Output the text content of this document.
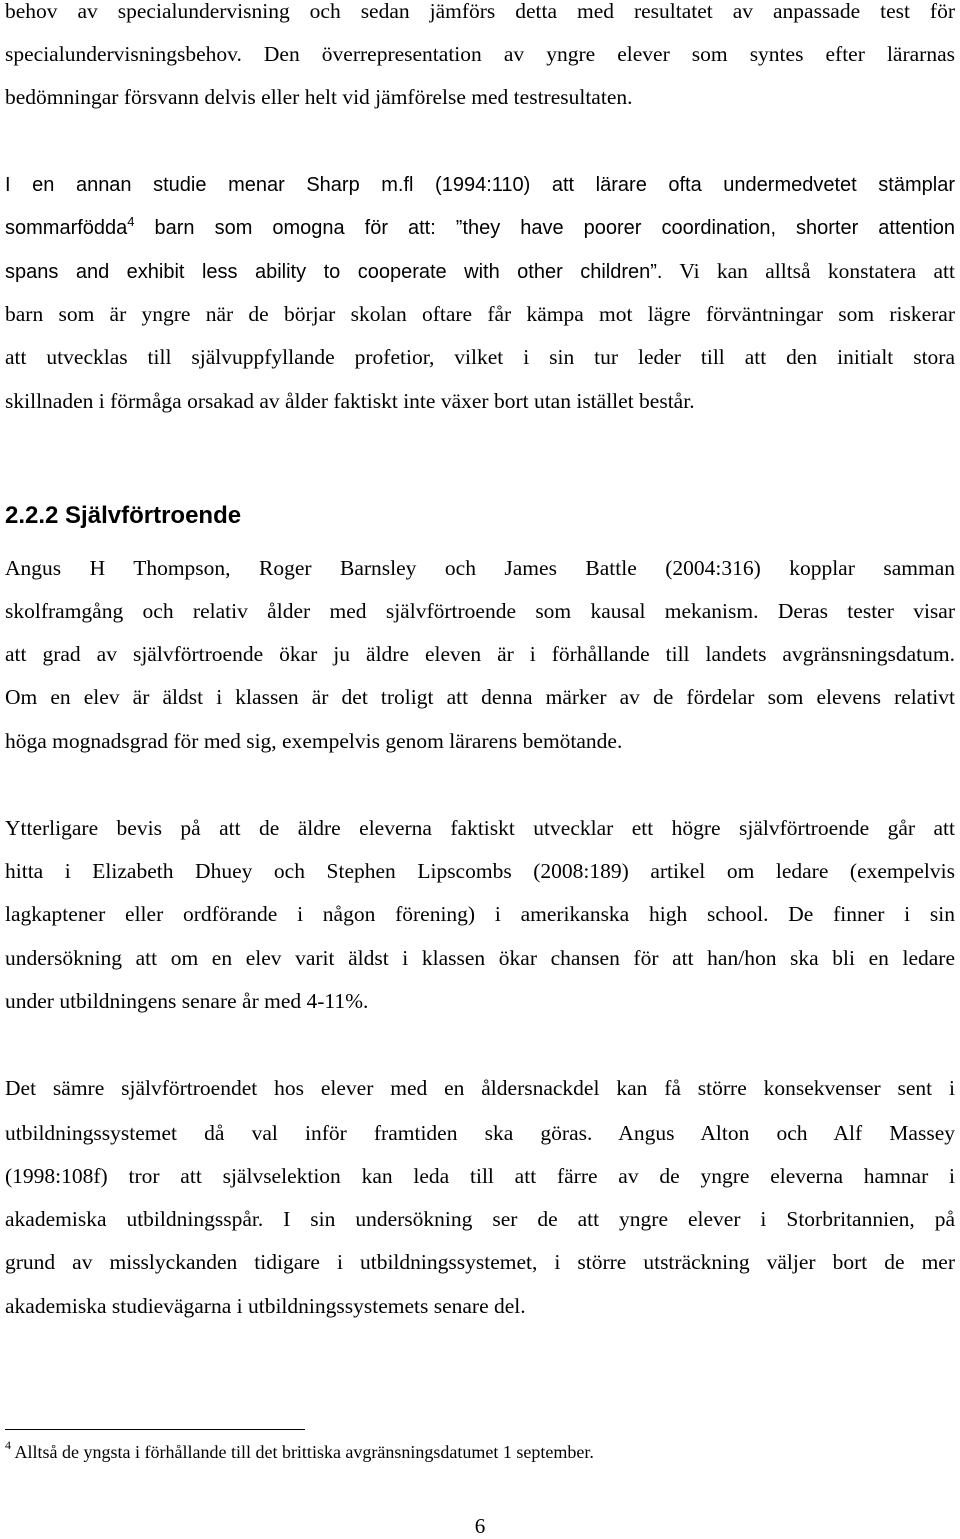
behov av specialundervisning och sedan jämförs detta med resultatet av anpassade test för
specialundervisningsbehov. Den överrepresentation av yngre elever som syntes efter lärarnas
bedömningar försvann delvis eller helt vid jämförelse med testresultaten.
I en annan studie menar Sharp m.fl (1994:110) att lärare ofta undermedvetet stämplar
sommarfödda$^4$ barn som omogna för att: ”they have poorer coordination, shorter attention
spans and exhibit less ability to cooperate with other children”. Vi kan alltså konstatera att
barn som är yngre när de börjar skolan oftare får kämpa mot lägre förväntningar som riskerar
att utvecklas till självuppfyllande profetior, vilket i sin tur leder till att den initialt stora
skillnaden i förmåga orsakad av ålder faktiskt inte växer bort utan istället består.
2.2.2 Självförtroende
Angus H Thompson, Roger Barnsley och James Battle (2004:316) kopplar samman
skolframgång och relativ ålder med självförtroende som kausal mekanism. Deras tester visar
att grad av självförtroende ökar ju äldre eleven är i förhållande till landets avgränsningsdatum.
Om en elev är äldst i klassen är det troligt att denna märker av de fördelar som elevens relativt
höga mognadsgrad för med sig, exempelvis genom lärarens bemötande.
Ytterligare bevis på att de äldre eleverna faktiskt utvecklar ett högre självförtroende går att
hitta i Elizabeth Dhuey och Stephen Lipscombs (2008:189) artikel om ledare (exempelvis
lagkaptener eller ordförande i någon förening) i amerikanska high school. De finner i sin
undersökning att om en elev varit äldst i klassen ökar chansen för att han/hon ska bli en ledare
under utbildningens senare år med 4-11%.
Det sämre självförtroendet hos elever med en åldersnackdel kan få större konsekvenser sent i
utbildningssystemet då val inför framtiden ska göras. Angus Alton och Alf Massey
(1998:108f) tror att självselektion kan leda till att färre av de yngre eleverna hamnar i
akademiska utbildningsspår. I sin undersökning ser de att yngre elever i Storbritannien, på
grund av misslyckanden tidigare i utbildningssystemet, i större utsträckning väljer bort de mer
akademiska studievägarna i utbildningssystemets senare del.
$^4$ Alltså de yngsta i förhållande till det brittiska avgränsningsdatumet 1 september.
6
